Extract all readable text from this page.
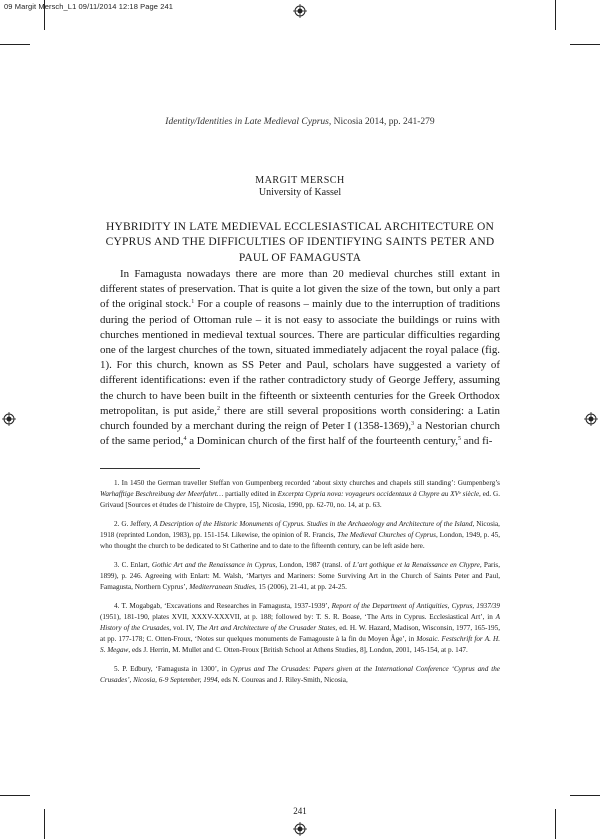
09 Margit Mersch_L1 09/11/2014 12:18 Page 241
Identity/Identities in Late Medieval Cyprus, Nicosia 2014, pp. 241-279
MARGIT MERSCH
University of Kassel
HYBRIDITY IN LATE MEDIEVAL ECCLESIASTICAL ARCHITECTURE ON CYPRUS AND THE DIFFICULTIES OF IDENTIFYING SAINTS PETER AND PAUL OF FAMAGUSTA

In Famagusta nowadays there are more than 20 medieval churches still extant in different states of preservation. That is quite a lot given the size of the town, but only a part of the original stock.$^1$ For a couple of reasons – mainly due to the interruption of traditions during the period of Ottoman rule – it is not easy to associate the buildings or ruins with churches mentioned in medieval textual sources. There are particular difficulties regarding one of the largest churches of the town, situated immediately adjacent the royal palace (fig. 1). For this church, known as SS Peter and Paul, scholars have suggested a variety of different identifications: even if the rather contradictory study of George Jeffery, assuming the church to have been built in the fifteenth or sixteenth centuries for the Greek Orthodox metropolitan, is put aside,$^2$ there are still several propositions worth considering: a Latin church founded by a merchant during the reign of Peter I (1358-1369),$^3$ a Nestorian church of the same period,$^4$ a Dominican church of the first half of the fourteenth century,$^5$ and fi-

1. In 1450 the German traveller Steffan von Gumpenberg recorded ‘about sixty churches and chapels still standing’: Gumpenberg’s Warhafftige Beschreibung der Meerfahrt… partially edited in Excerpta Cypria nova: voyageurs occidentaux à Chypre au XVᵉ siècle, ed. G. Grivaud [Sources et études de l’histoire de Chypre, 15], Nicosia, 1990, pp. 62-70, no. 14, at p. 63.

2. G. Jeffery, A Description of the Historic Monuments of Cyprus. Studies in the Archaeology and Architecture of the Island, Nicosia, 1918 (reprinted London, 1983), pp. 151-154. Likewise, the opinion of R. Francis, The Medieval Churches of Cyprus, London, 1949, p. 45, who thought the church to be dedicated to St Catherine and to date to the fifteenth century, can be left aside here.

3. C. Enlart, Gothic Art and the Renaissance in Cyprus, London, 1987 (transl. of L’art gothique et la Renaissance en Chypre, Paris, 1899), p. 246. Agreeing with Enlart: M. Walsh, ‘Martyrs and Mariners: Some Surviving Art in the Church of Saints Peter and Paul, Famagusta, Northern Cyprus’, Mediterranean Studies, 15 (2006), 21-41, at pp. 24-25.

4. T. Mogabgab, ‘Excavations and Researches in Famagusta, 1937-1939’, Report of the Department of Antiquities, Cyprus, 1937/39 (1951), 181-190, plates XVII, XXXV-XXXVII, at p. 188; followed by: T. S. R. Boase, ‘The Arts in Cyprus. Ecclesiastical Art’, in A History of the Crusades, vol. IV, The Art and Architecture of the Crusader States, ed. H. W. Hazard, Madison, Wisconsin, 1977, 165-195, at pp. 177-178; C. Otten-Froux, ‘Notes sur quelques monuments de Famagouste à la fin du Moyen Âge’, in Mosaic. Festschrift for A. H. S. Megaw, eds J. Herrin, M. Mullet and C. Otten-Froux [British School at Athens Studies, 8], London, 2001, 145-154, at p. 147.

5. P. Edbury, ‘Famagusta in 1300’, in Cyprus and The Crusades: Papers given at the International Conference ‘Cyprus and the Crusades’, Nicosia, 6-9 September, 1994, eds N. Coureas and J. Riley-Smith, Nicosia,

241
